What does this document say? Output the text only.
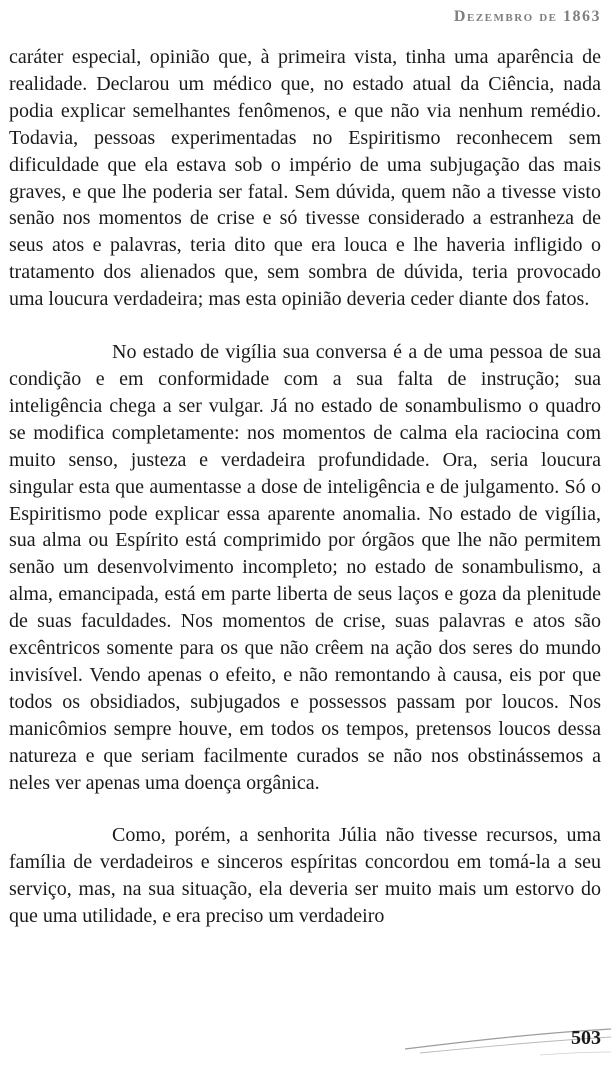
Dezembro de 1863

caráter especial, opinião que, à primeira vista, tinha uma aparência de realidade. Declarou um médico que, no estado atual da Ciência, nada podia explicar semelhantes fenômenos, e que não via nenhum remédio. Todavia, pessoas experimentadas no Espiritismo reconhecem sem dificuldade que ela estava sob o império de uma subjugação das mais graves, e que lhe poderia ser fatal. Sem dúvida, quem não a tivesse visto senão nos momentos de crise e só tivesse considerado a estranheza de seus atos e palavras, teria dito que era louca e lhe haveria infligido o tratamento dos alienados que, sem sombra de dúvida, teria provocado uma loucura verdadeira; mas esta opinião deveria ceder diante dos fatos.

No estado de vigília sua conversa é a de uma pessoa de sua condição e em conformidade com a sua falta de instrução; sua inteligência chega a ser vulgar. Já no estado de sonambulismo o quadro se modifica completamente: nos momentos de calma ela raciocina com muito senso, justeza e verdadeira profundidade. Ora, seria loucura singular esta que aumentasse a dose de inteligência e de julgamento. Só o Espiritismo pode explicar essa aparente anomalia. No estado de vigília, sua alma ou Espírito está comprimido por órgãos que lhe não permitem senão um desenvolvimento incompleto; no estado de sonambulismo, a alma, emancipada, está em parte liberta de seus laços e goza da plenitude de suas faculdades. Nos momentos de crise, suas palavras e atos são excêntricos somente para os que não crêem na ação dos seres do mundo invisível. Vendo apenas o efeito, e não remontando à causa, eis por que todos os obsidiados, subjugados e possessos passam por loucos. Nos manicômios sempre houve, em todos os tempos, pretensos loucos dessa natureza e que seriam facilmente curados se não nos obstinássemos a neles ver apenas uma doença orgânica.

Como, porém, a senhorita Júlia não tivesse recursos, uma família de verdadeiros e sinceros espíritas concordou em tomá-la a seu serviço, mas, na sua situação, ela deveria ser muito mais um estorvo do que uma utilidade, e era preciso um verdadeiro

503
